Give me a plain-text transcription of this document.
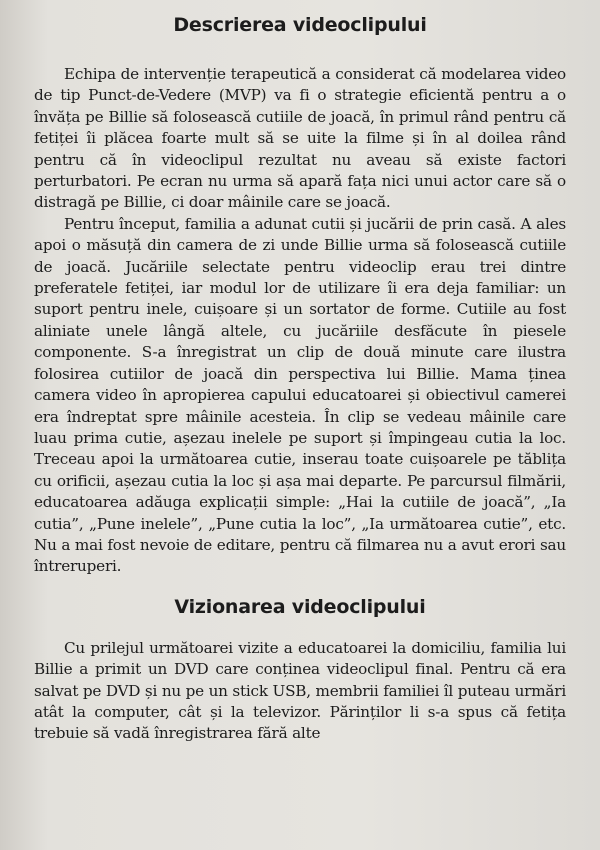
Descrierea videoclipului

Echipa de intervenție terapeutică a considerat că modelarea video de tip Punct-de-Vedere (MVP) va fi o strategie eficientă pentru a o învăța pe Billie să folosească cutiile de joacă, în primul rând pentru că fetiței îi plăcea foarte mult să se uite la filme și în al doilea rând pentru că în videoclipul rezultat nu aveau să existe factori perturbatori. Pe ecran nu urma să apară fața nici unui actor care să o distragă pe Billie, ci doar mâinile care se joacă.

Pentru început, familia a adunat cutii și jucării de prin casă. A ales apoi o măsuță din camera de zi unde Billie urma să folosească cutiile de joacă. Jucăriile selectate pentru videoclip erau trei dintre preferatele fetiței, iar modul lor de utilizare îi era deja familiar: un suport pentru inele, cuișoare și un sortator de forme. Cutiile au fost aliniate unele lângă altele, cu jucăriile desfăcute în piesele componente. S-a înregistrat un clip de două minute care ilustra folosirea cutiilor de joacă din perspectiva lui Billie. Mama ținea camera video în apropierea capului educatoarei și obiectivul camerei era îndreptat spre mâinile acesteia. În clip se vedeau mâinile care luau prima cutie, așezau inelele pe suport și împingeau cutia la loc. Treceau apoi la următoarea cutie, inserau toate cuișoarele pe tăblița cu orificii, așezau cutia la loc și așa mai departe. Pe parcursul filmării, educatoarea adăuga explicații simple: „Hai la cutiile de joacă”, „Ia cutia”, „Pune inelele”, „Pune cutia la loc”, „Ia următoarea cutie”, etc. Nu a mai fost nevoie de editare, pentru că filmarea nu a avut erori sau întreruperi.

Vizionarea videoclipului

Cu prilejul următoarei vizite a educatoarei la domiciliu, familia lui Billie a primit un DVD care conținea videoclipul final. Pentru că era salvat pe DVD și nu pe un stick USB, membrii familiei îl puteau urmări atât la computer, cât și la televizor. Părinților li s-a spus că fetița trebuie să vadă înregistrarea fără alte
